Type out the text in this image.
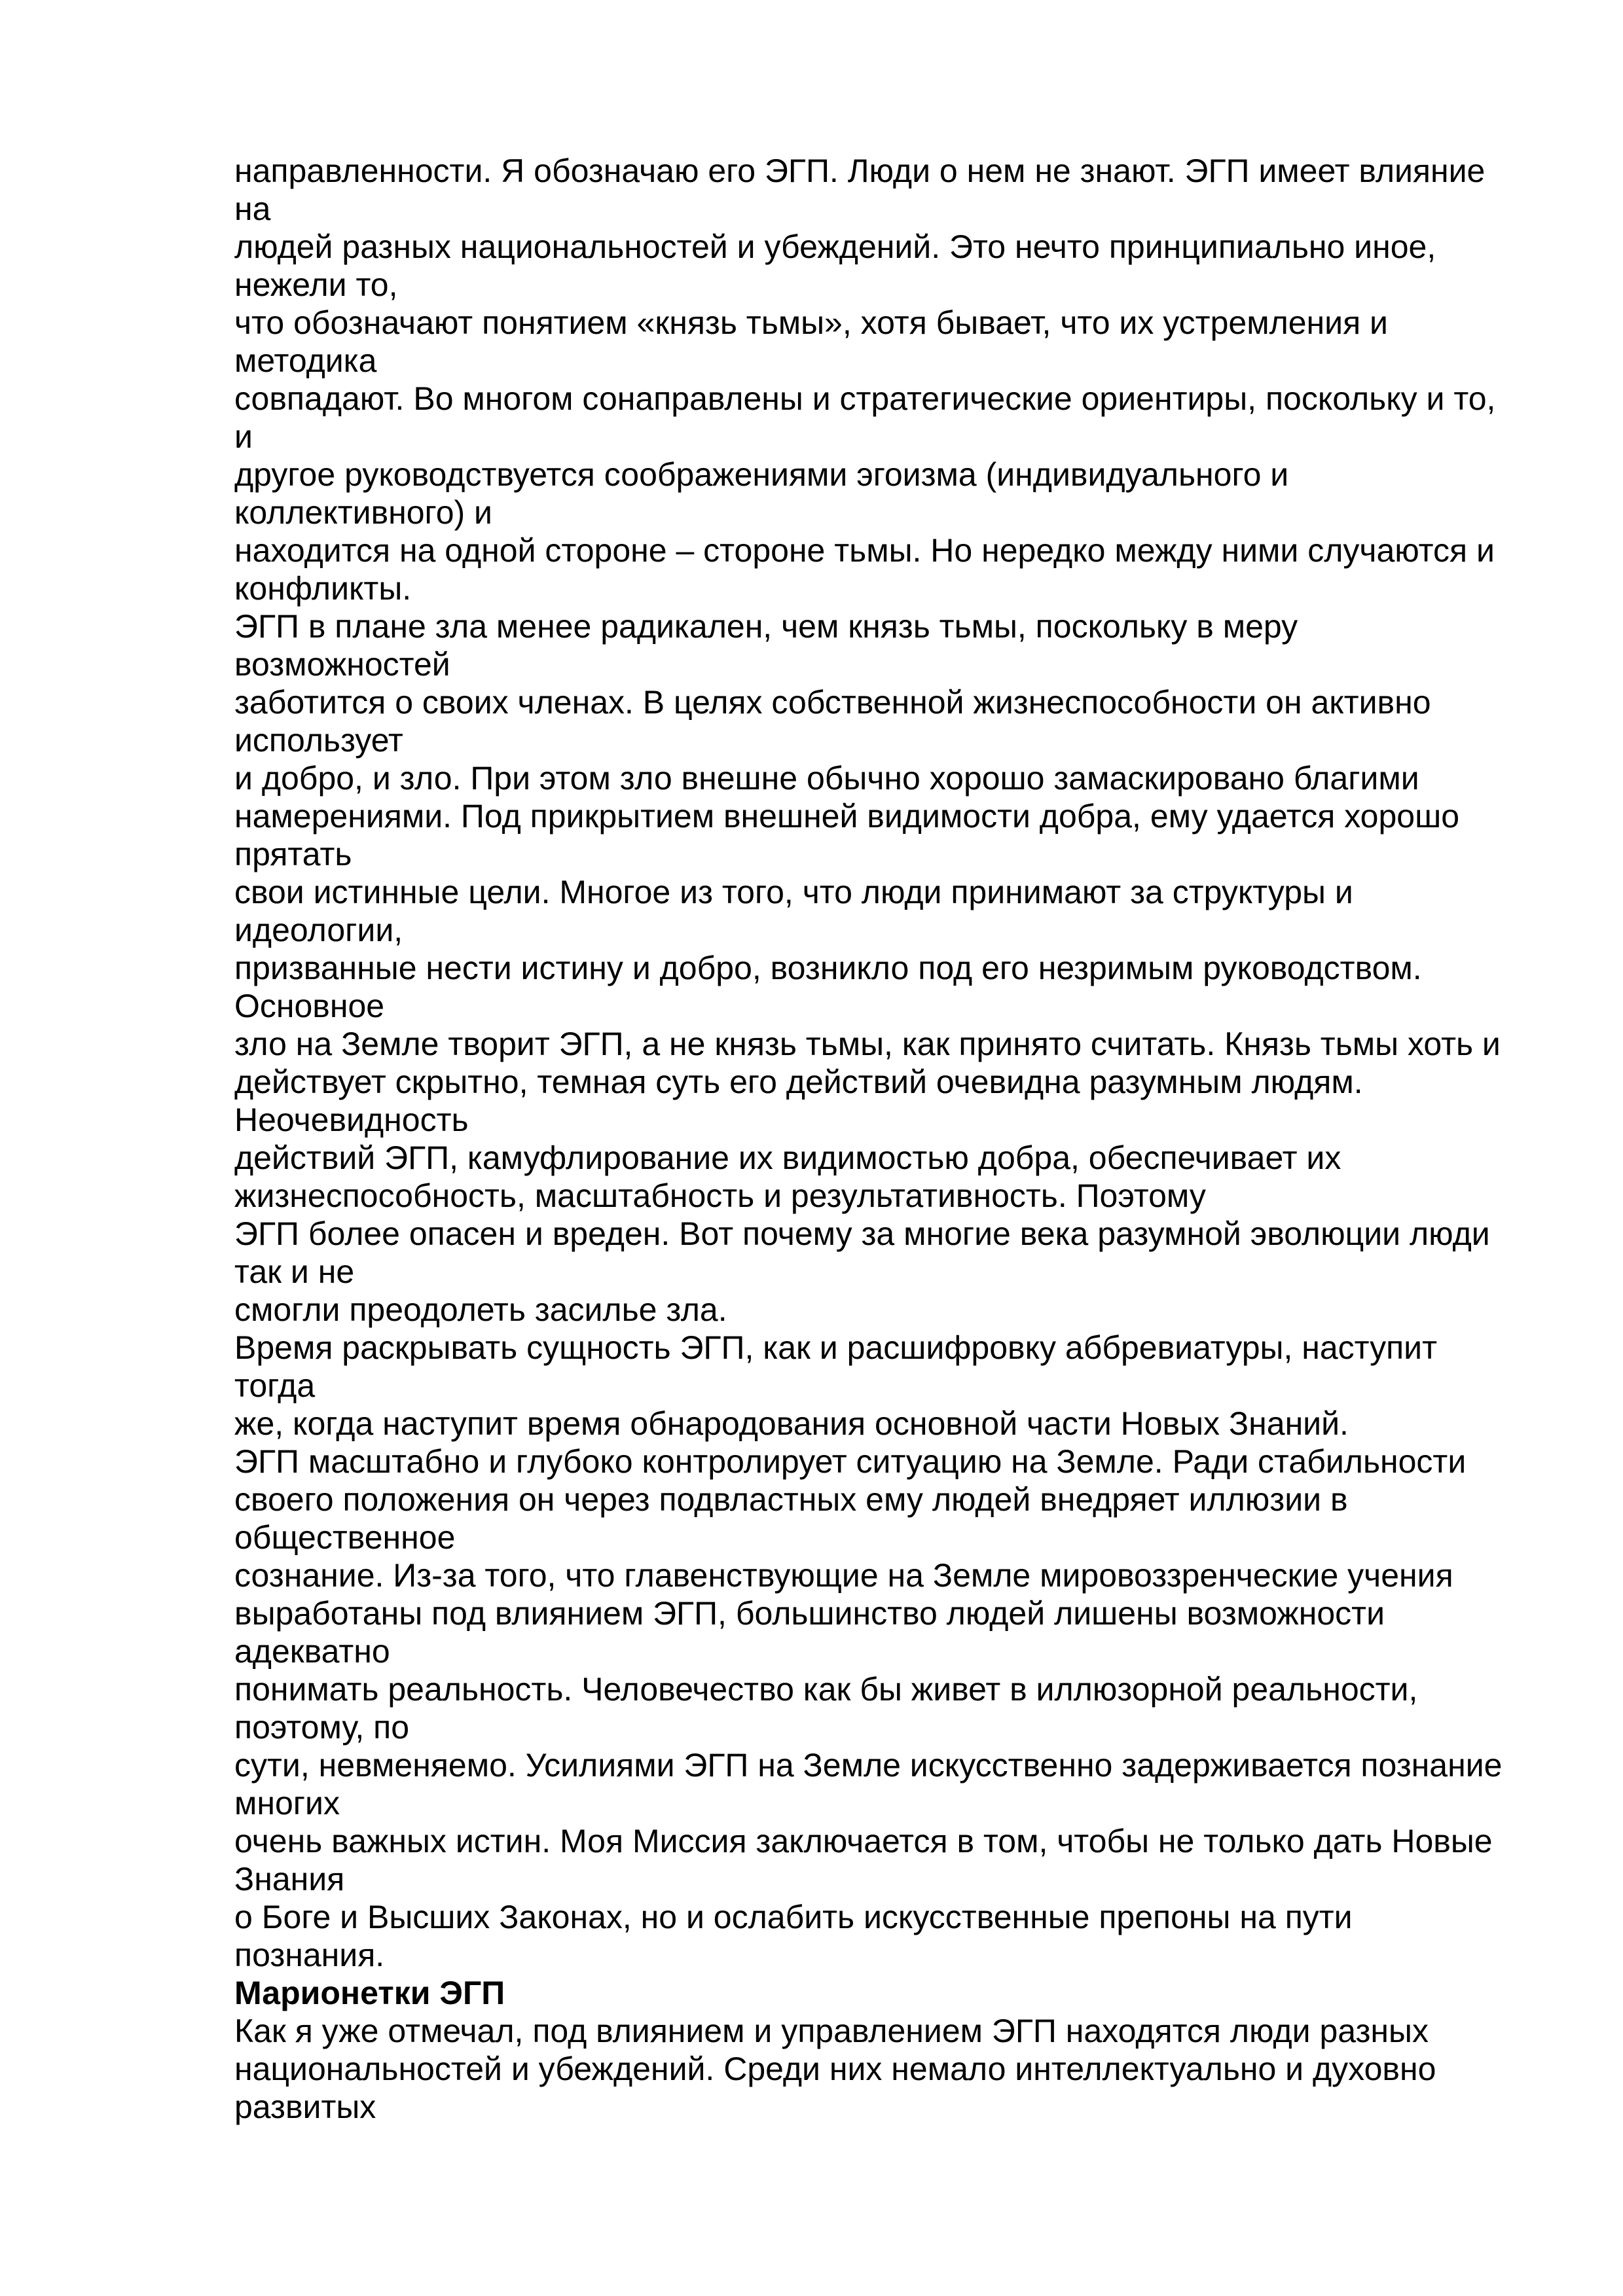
направленности. Я обозначаю его ЭГП. Люди о нем не знают. ЭГП имеет влияние
на
людей разных национальностей и убеждений. Это нечто принципиально иное,
нежели то,
что обозначают понятием «князь тьмы», хотя бывает, что их устремления и
методика
совпадают. Во многом сонаправлены и стратегические ориентиры, поскольку и то,
и
другое руководствуется соображениями эгоизма (индивидуального и
коллективного) и
находится на одной стороне – стороне тьмы. Но нередко между ними случаются и
конфликты.
ЭГП в плане зла менее радикален, чем князь тьмы, поскольку в меру
возможностей
заботится о своих членах. В целях собственной жизнеспособности он активно
использует
и добро, и зло. При этом зло внешне обычно хорошо замаскировано благими
намерениями. Под прикрытием внешней видимости добра, ему удается хорошо
прятать
свои истинные цели. Многое из того, что люди принимают за структуры и
идеологии,
призванные нести истину и добро, возникло под его незримым руководством.
Основное
зло на Земле творит ЭГП, а не князь тьмы, как принято считать. Князь тьмы хоть и
действует скрытно, темная суть его действий очевидна разумным людям.
Неочевидность
действий ЭГП, камуфлирование их видимостью добра, обеспечивает их
жизнеспособность, масштабность и результативность. Поэтому
ЭГП более опасен и вреден. Вот почему за многие века разумной эволюции люди
так и не
смогли преодолеть засилье зла.
Время раскрывать сущность ЭГП, как и расшифровку аббревиатуры, наступит
тогда
же, когда наступит время обнародования основной части Новых Знаний.
ЭГП масштабно и глубоко контролирует ситуацию на Земле. Ради стабильности
своего положения он через подвластных ему людей внедряет иллюзии в
общественное
сознание. Из-за того, что главенствующие на Земле мировоззренческие учения
выработаны под влиянием ЭГП, большинство людей лишены возможности
адекватно
понимать реальность. Человечество как бы живет в иллюзорной реальности,
поэтому, по
сути, невменяемо. Усилиями ЭГП на Земле искусственно задерживается познание
многих
очень важных истин. Моя Миссия заключается в том, чтобы не только дать Новые
Знания
о Боге и Высших Законах, но и ослабить искусственные препоны на пути
познания.
Марионетки ЭГП
Как я уже отмечал, под влиянием и управлением ЭГП находятся люди разных
национальностей и убеждений. Среди них немало интеллектуально и духовно
развитых
